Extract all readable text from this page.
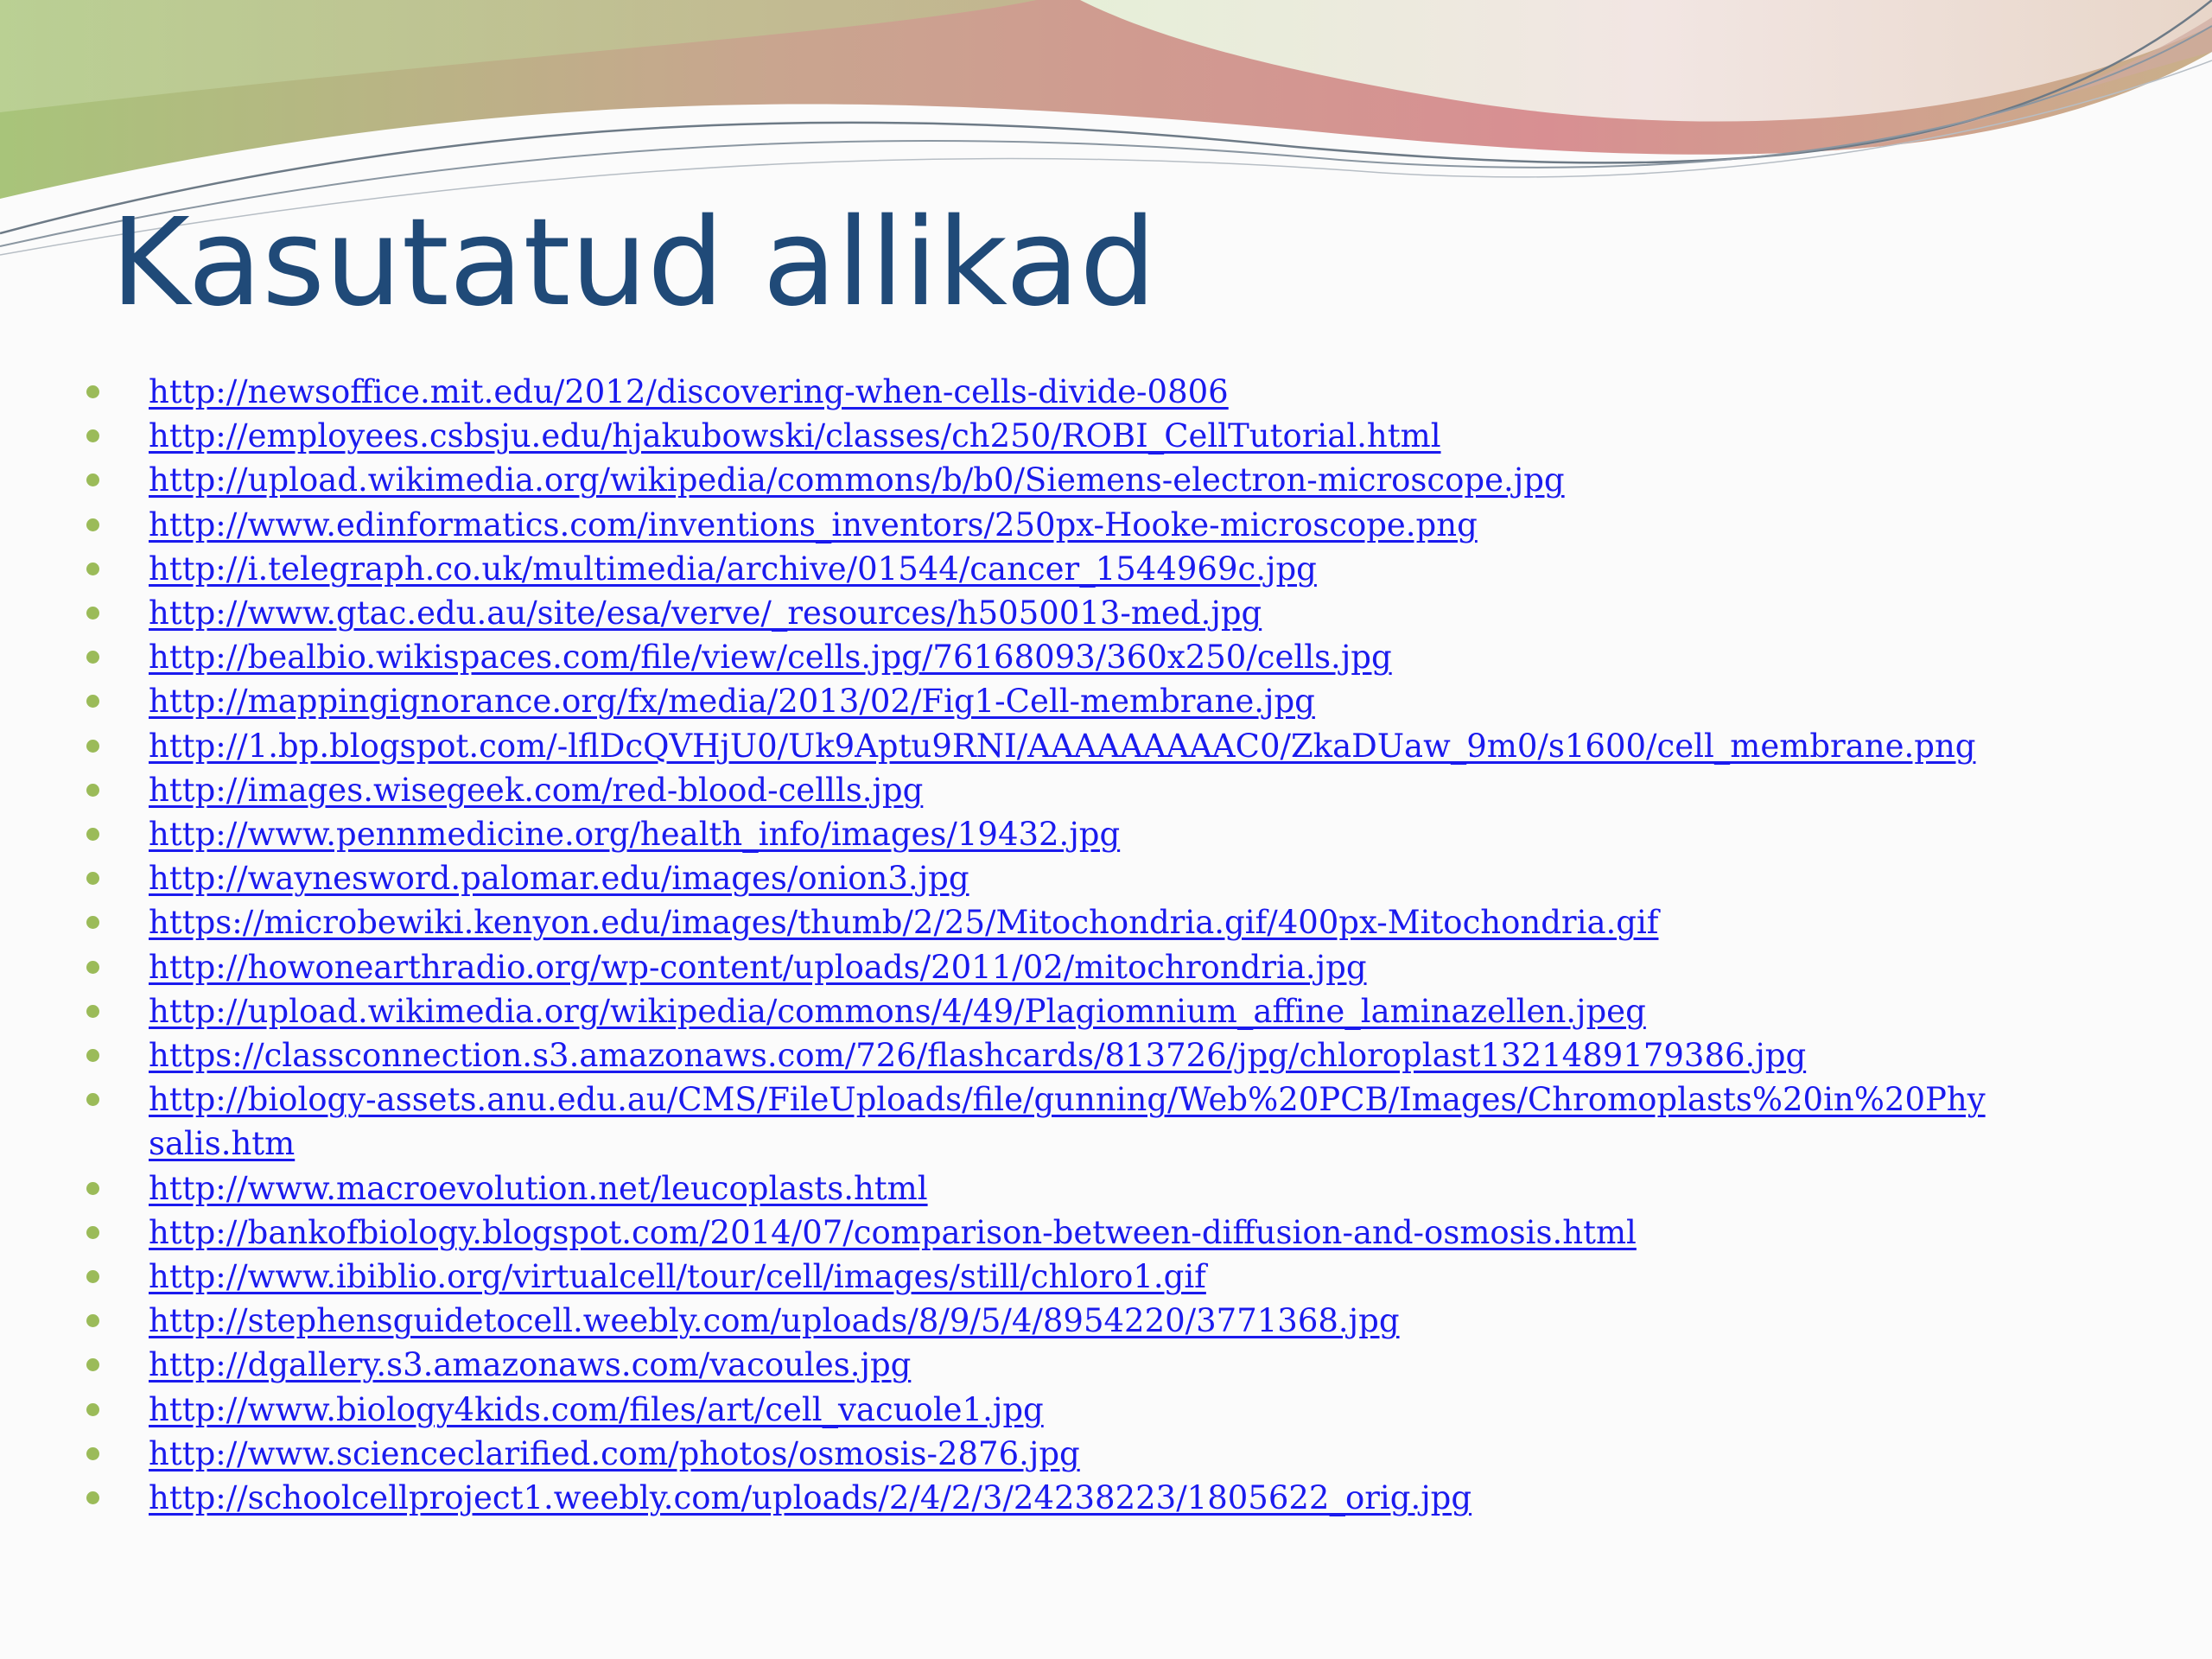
Kasutatud allikad
http://newsoffice.mit.edu/2012/discovering-when-cells-divide-0806
http://employees.csbsju.edu/hjakubowski/classes/ch250/ROBI_CellTutorial.html
http://upload.wikimedia.org/wikipedia/commons/b/b0/Siemens-electron-microscope.jpg
http://www.edinformatics.com/inventions_inventors/250px-Hooke-microscope.png
http://i.telegraph.co.uk/multimedia/archive/01544/cancer_1544969c.jpg
http://www.gtac.edu.au/site/esa/verve/_resources/h5050013-med.jpg
http://bealbio.wikispaces.com/file/view/cells.jpg/76168093/360x250/cells.jpg
http://mappingignorance.org/fx/media/2013/02/Fig1-Cell-membrane.jpg
http://1.bp.blogspot.com/-lflDcQVHjU0/Uk9Aptu9RNI/AAAAAAAAAC0/ZkaDUaw_9m0/s1600/cell_membrane.png
http://images.wisegeek.com/red-blood-cellls.jpg
http://www.pennmedicine.org/health_info/images/19432.jpg
http://waynesword.palomar.edu/images/onion3.jpg
https://microbewiki.kenyon.edu/images/thumb/2/25/Mitochondria.gif/400px-Mitochondria.gif
http://howonearthradio.org/wp-content/uploads/2011/02/mitochrondria.jpg
http://upload.wikimedia.org/wikipedia/commons/4/49/Plagiomnium_affine_laminazellen.jpeg
https://classconnection.s3.amazonaws.com/726/flashcards/813726/jpg/chloroplast1321489179386.jpg
http://biology-assets.anu.edu.au/CMS/FileUploads/file/gunning/Web%20PCB/Images/Chromoplasts%20in%20Physalis.htm
http://www.macroevolution.net/leucoplasts.html
http://bankofbiology.blogspot.com/2014/07/comparison-between-diffusion-and-osmosis.html
http://www.ibiblio.org/virtualcell/tour/cell/images/still/chloro1.gif
http://stephensguidetocell.weebly.com/uploads/8/9/5/4/8954220/3771368.jpg
http://dgallery.s3.amazonaws.com/vacoules.jpg
http://www.biology4kids.com/files/art/cell_vacuole1.jpg
http://www.scienceclarified.com/photos/osmosis-2876.jpg
http://schoolcellproject1.weebly.com/uploads/2/4/2/3/24238223/1805622_orig.jpg
